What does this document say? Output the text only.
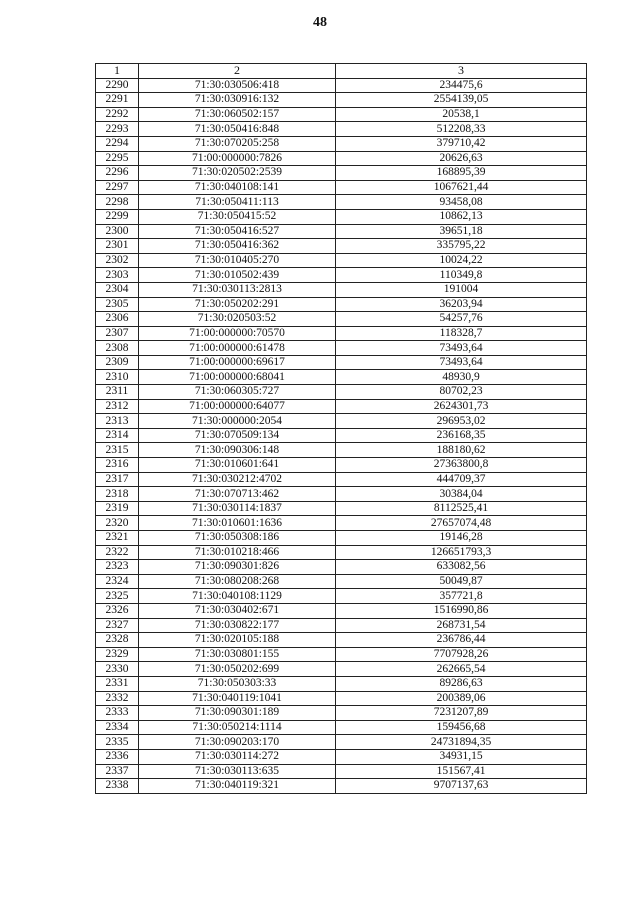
48
1	2	3
2290	71:30:030506:418	234475,6
2291	71:30:030916:132	2554139,05
2292	71:30:060502:157	20538,1
2293	71:30:050416:848	512208,33
2294	71:30:070205:258	379710,42
2295	71:00:000000:7826	20626,63
2296	71:30:020502:2539	168895,39
2297	71:30:040108:141	1067621,44
2298	71:30:050411:113	93458,08
2299	71:30:050415:52	10862,13
2300	71:30:050416:527	39651,18
2301	71:30:050416:362	335795,22
2302	71:30:010405:270	10024,22
2303	71:30:010502:439	110349,8
2304	71:30:030113:2813	191004
2305	71:30:050202:291	36203,94
2306	71:30:020503:52	54257,76
2307	71:00:000000:70570	118328,7
2308	71:00:000000:61478	73493,64
2309	71:00:000000:69617	73493,64
2310	71:00:000000:68041	48930,9
2311	71:30:060305:727	80702,23
2312	71:00:000000:64077	2624301,73
2313	71:30:000000:2054	296953,02
2314	71:30:070509:134	236168,35
2315	71:30:090306:148	188180,62
2316	71:30:010601:641	27363800,8
2317	71:30:030212:4702	444709,37
2318	71:30:070713:462	30384,04
2319	71:30:030114:1837	8112525,41
2320	71:30:010601:1636	27657074,48
2321	71:30:050308:186	19146,28
2322	71:30:010218:466	126651793,3
2323	71:30:090301:826	633082,56
2324	71:30:080208:268	50049,87
2325	71:30:040108:1129	357721,8
2326	71:30:030402:671	1516990,86
2327	71:30:030822:177	268731,54
2328	71:30:020105:188	236786,44
2329	71:30:030801:155	7707928,26
2330	71:30:050202:699	262665,54
2331	71:30:050303:33	89286,63
2332	71:30:040119:1041	200389,06
2333	71:30:090301:189	7231207,89
2334	71:30:050214:1114	159456,68
2335	71:30:090203:170	24731894,35
2336	71:30:030114:272	34931,15
2337	71:30:030113:635	151567,41
2338	71:30:040119:321	9707137,63
